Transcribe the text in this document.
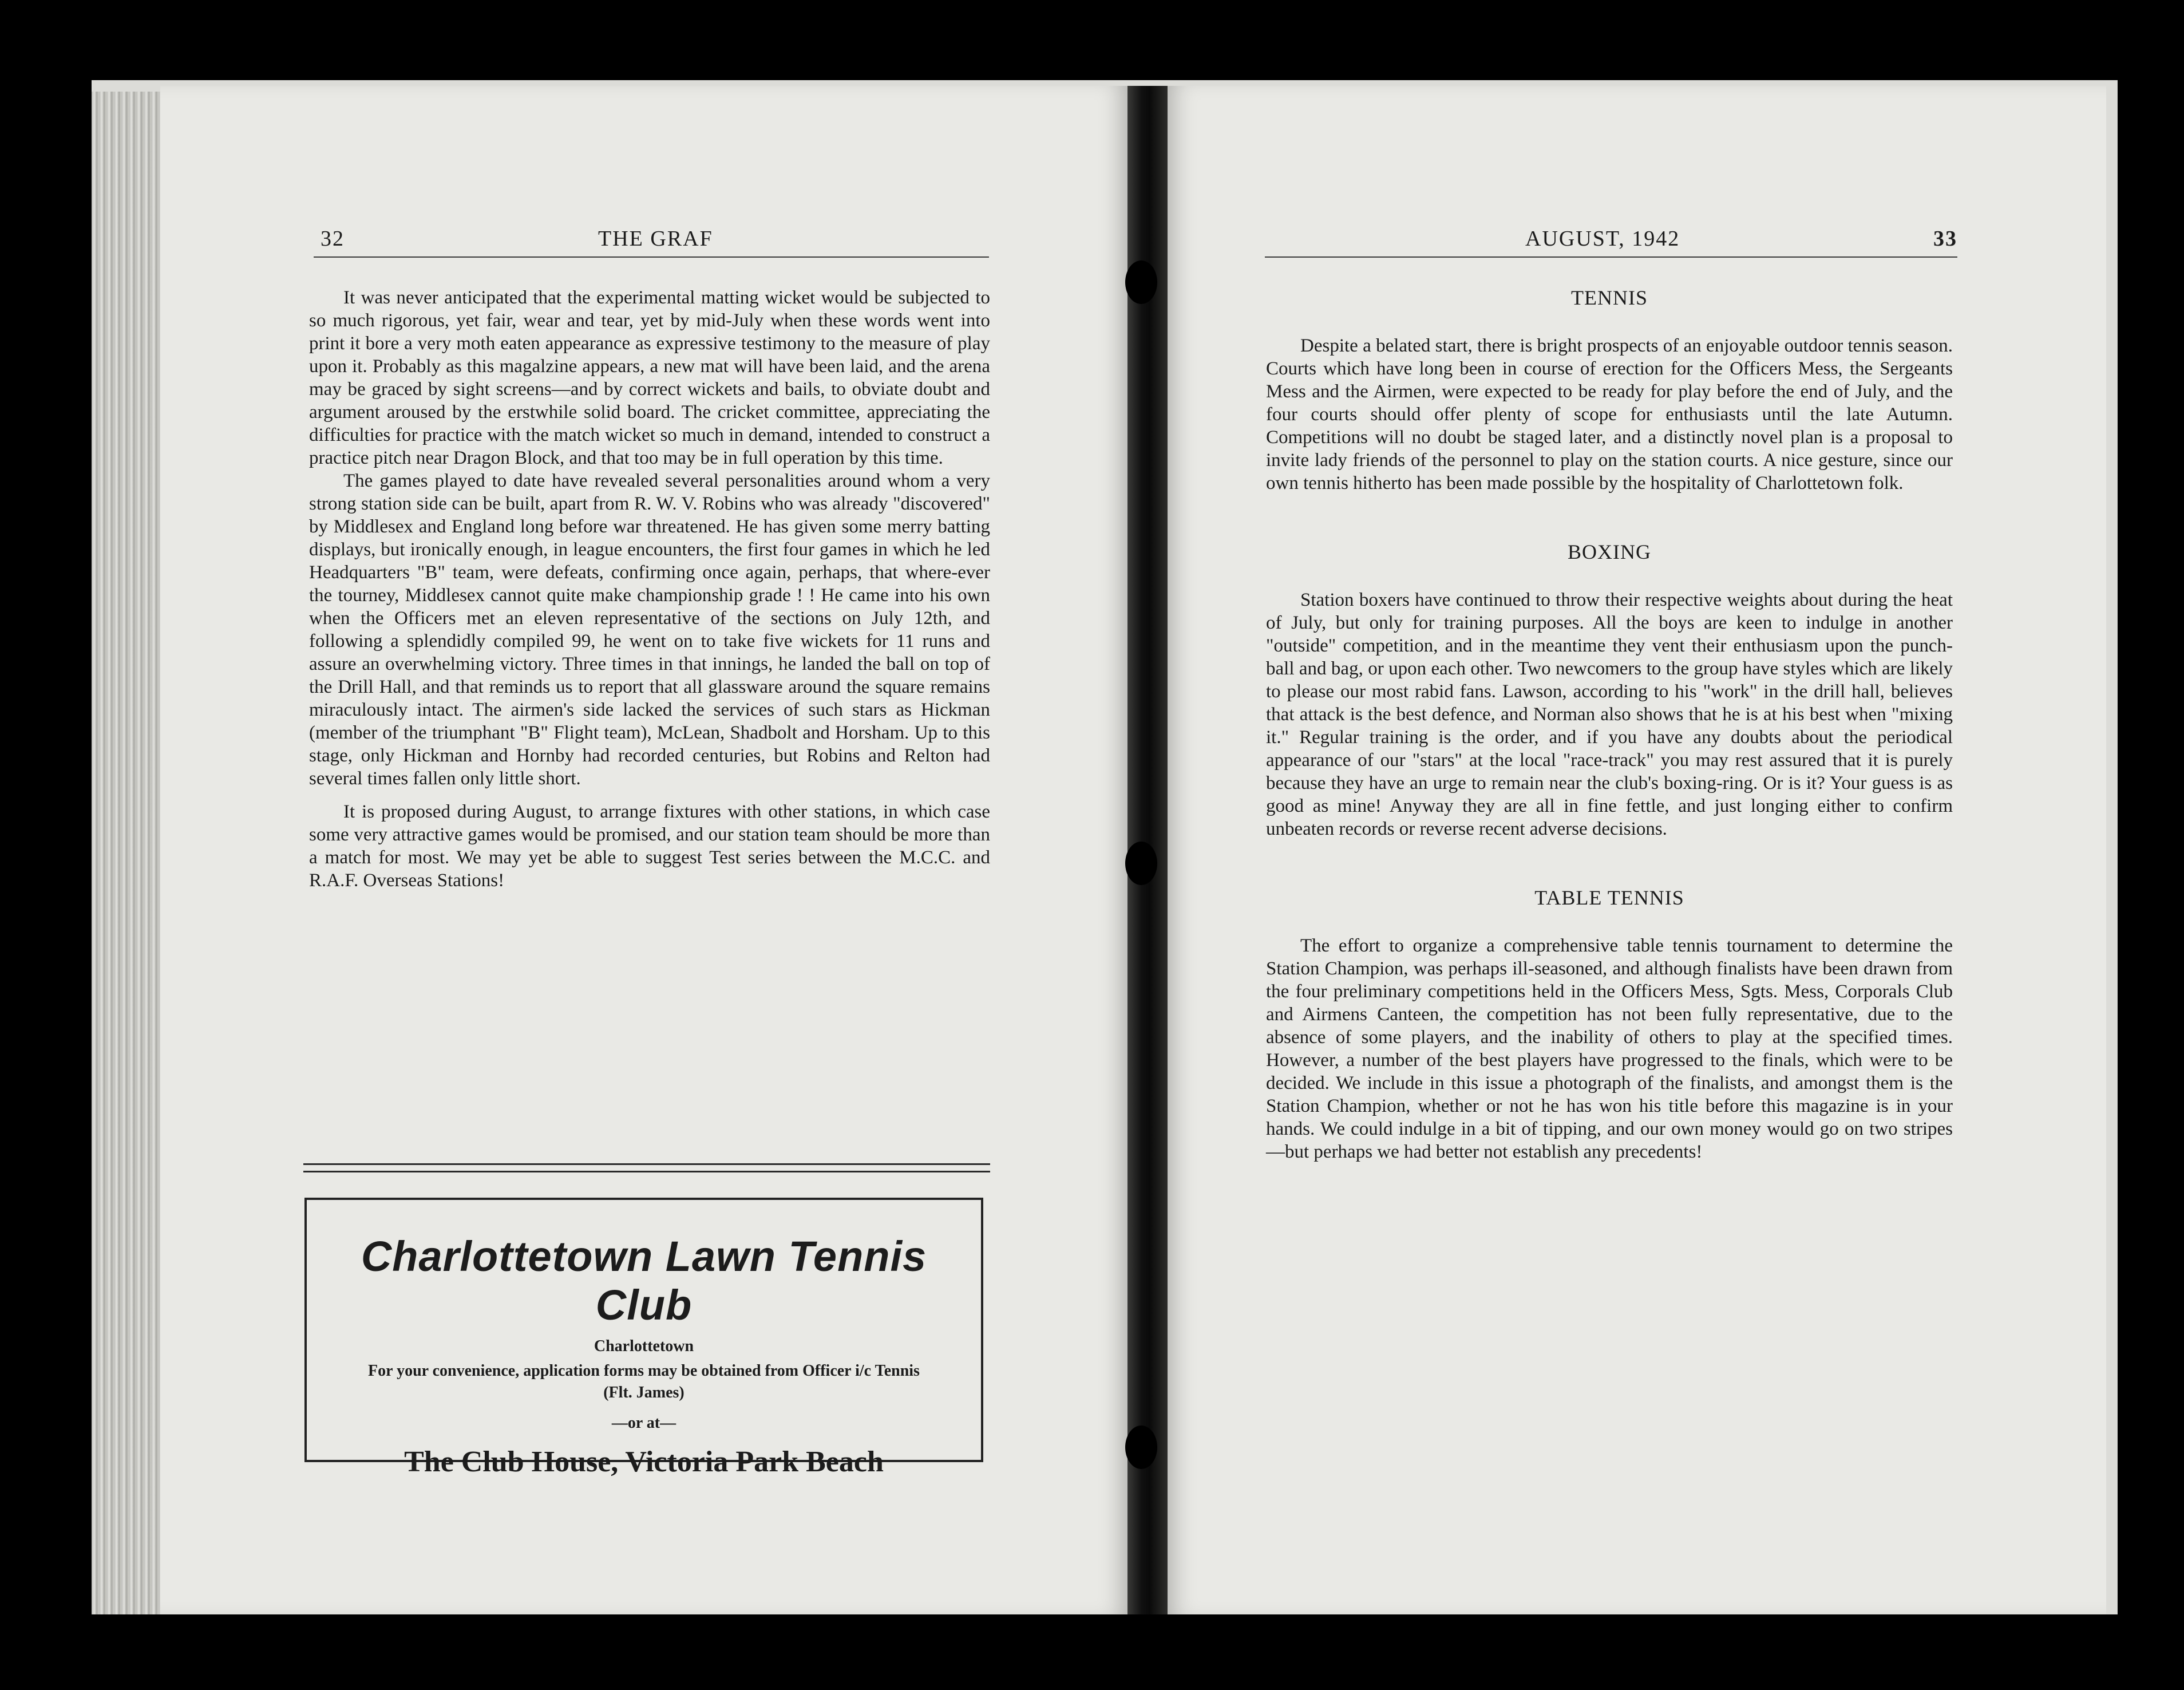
32	THE GRAF

It was never anticipated that the experimental matting wicket would be subjected to so much rigorous, yet fair, wear and tear, yet by mid-July when these words went into print it bore a very moth eaten appearance as expressive testimony to the measure of play upon it. Probably as this magalzine appears, a new mat will have been laid, and the arena may be graced by sight screens—and by correct wickets and bails, to obviate doubt and argument aroused by the erstwhile solid board. The cricket committee, appreciating the difficulties for practice with the match wicket so much in demand, intended to construct a practice pitch near Dragon Block, and that too may be in full operation by this time.

The games played to date have revealed several personalities around whom a very strong station side can be built, apart from R. W. V. Robins who was already "discovered" by Middlesex and England long before war threatened. He has given some merry batting displays, but ironically enough, in league encounters, the first four games in which he led Headquarters "B" team, were defeats, confirming once again, perhaps, that where-ever the tourney, Middlesex cannot quite make championship grade ! ! He came into his own when the Officers met an eleven representative of the sections on July 12th, and following a splendidly compiled 99, he went on to take five wickets for 11 runs and assure an overwhelming victory. Three times in that innings, he landed the ball on top of the Drill Hall, and that reminds us to report that all glassware around the square remains miraculously intact. The airmen's side lacked the services of such stars as Hickman (member of the triumphant "B" Flight team), McLean, Shadbolt and Horsham. Up to this stage, only Hickman and Hornby had recorded centuries, but Robins and Relton had several times fallen only little short.

It is proposed during August, to arrange fixtures with other stations, in which case some very attractive games would be promised, and our station team should be more than a match for most. We may yet be able to suggest Test series between the M.C.C. and R.A.F. Overseas Stations!

Charlottetown Lawn Tennis Club
Charlottetown
For your convenience, application forms may be obtained from Officer i/c Tennis (Flt. James)
—or at—
The Club House, Victoria Park Beach
AUGUST, 1942	33
TENNIS

Despite a belated start, there is bright prospects of an enjoyable outdoor tennis season. Courts which have long been in course of erection for the Officers Mess, the Sergeants Mess and the Airmen, were expected to be ready for play before the end of July, and the four courts should offer plenty of scope for enthusiasts until the late Autumn. Competitions will no doubt be staged later, and a distinctly novel plan is a proposal to invite lady friends of the personnel to play on the station courts. A nice gesture, since our own tennis hitherto has been made possible by the hospitality of Charlottetown folk.

BOXING

Station boxers have continued to throw their respective weights about during the heat of July, but only for training purposes. All the boys are keen to indulge in another "outside" competition, and in the meantime they vent their enthusiasm upon the punch-ball and bag, or upon each other. Two newcomers to the group have styles which are likely to please our most rabid fans. Lawson, according to his "work" in the drill hall, believes that attack is the best defence, and Norman also shows that he is at his best when "mixing it." Regular training is the order, and if you have any doubts about the periodical appearance of our "stars" at the local "race-track" you may rest assured that it is purely because they have an urge to remain near the club's boxing-ring. Or is it? Your guess is as good as mine! Anyway they are all in fine fettle, and just longing either to confirm unbeaten records or reverse recent adverse decisions.

TABLE TENNIS

The effort to organize a comprehensive table tennis tournament to determine the Station Champion, was perhaps ill-seasoned, and although finalists have been drawn from the four preliminary competitions held in the Officers Mess, Sgts. Mess, Corporals Club and Airmens Canteen, the competition has not been fully representative, due to the absence of some players, and the inability of others to play at the specified times. However, a number of the best players have progressed to the finals, which were to be decided. We include in this issue a photograph of the finalists, and amongst them is the Station Champion, whether or not he has won his title before this magazine is in your hands. We could indulge in a bit of tipping, and our own money would go on two stripes—but perhaps we had better not establish any precedents!
